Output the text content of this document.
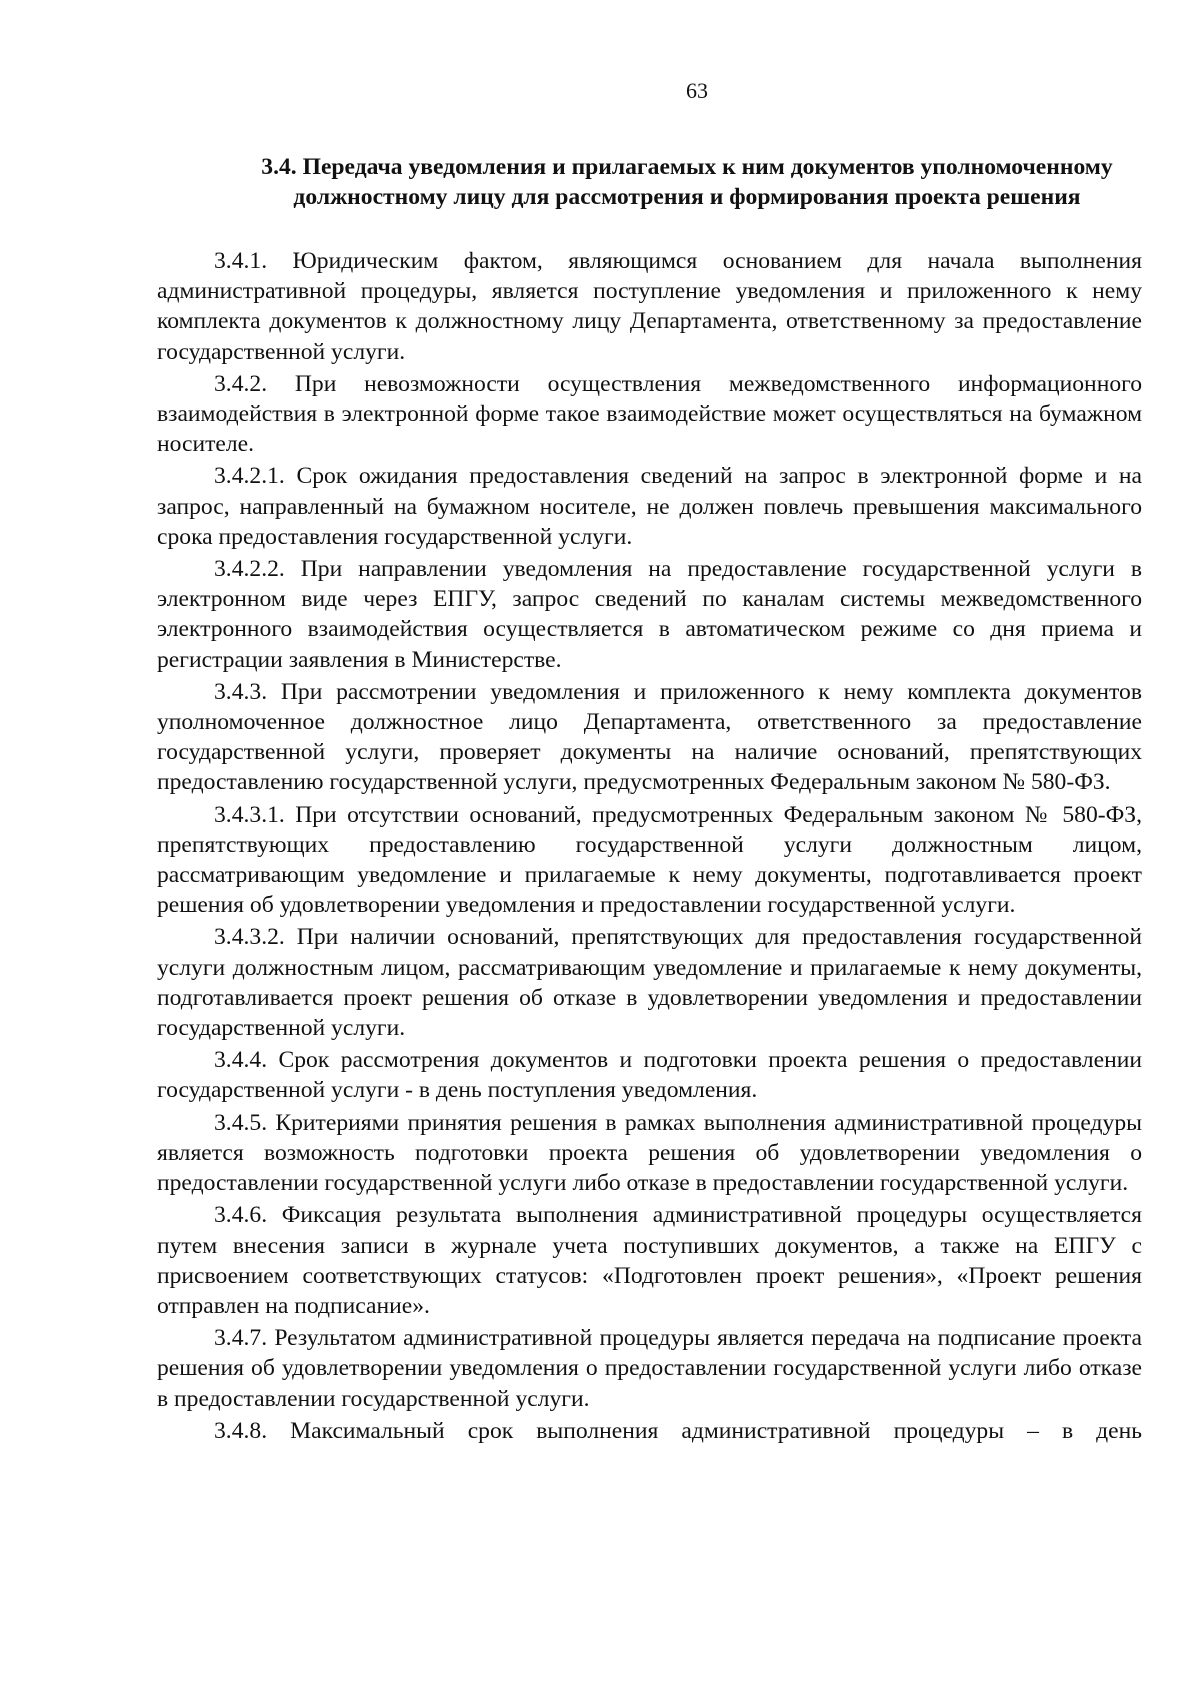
63
3.4. Передача уведомления и прилагаемых к ним документов уполномоченному
должностному лицу для рассмотрения и формирования проекта решения

3.4.1. Юридическим фактом, являющимся основанием для начала выполнения административной процедуры, является поступление уведомления и приложенного к нему комплекта документов к должностному лицу Департамента, ответственному за предоставление государственной услуги.

3.4.2. При невозможности осуществления межведомственного информационного взаимодействия в электронной форме такое взаимодействие может осуществляться на бумажном носителе.

3.4.2.1. Срок ожидания предоставления сведений на запрос в электронной форме и на запрос, направленный на бумажном носителе, не должен повлечь превышения максимального срока предоставления государственной услуги.

3.4.2.2. При направлении уведомления на предоставление государственной услуги в электронном виде через ЕПГУ, запрос сведений по каналам системы межведомственного электронного взаимодействия осуществляется в автоматическом режиме со дня приема и регистрации заявления в Министерстве.

3.4.3. При рассмотрении уведомления и приложенного к нему комплекта документов уполномоченное должностное лицо Департамента, ответственного за предоставление государственной услуги, проверяет документы на наличие оснований, препятствующих предоставлению государственной услуги, предусмотренных Федеральным законом № 580-ФЗ.

3.4.3.1. При отсутствии оснований, предусмотренных Федеральным законом № 580-ФЗ, препятствующих предоставлению государственной услуги должностным лицом, рассматривающим уведомление и прилагаемые к нему документы, подготавливается проект решения об удовлетворении уведомления и предоставлении государственной услуги.

3.4.3.2. При наличии оснований, препятствующих для предоставления государственной услуги должностным лицом, рассматривающим уведомление и прилагаемые к нему документы, подготавливается проект решения об отказе в удовлетворении уведомления и предоставлении государственной услуги.

3.4.4. Срок рассмотрения документов и подготовки проекта решения о предоставлении государственной услуги - в день поступления уведомления.

3.4.5. Критериями принятия решения в рамках выполнения административной процедуры является возможность подготовки проекта решения об удовлетворении уведомления о предоставлении государственной услуги либо отказе в предоставлении государственной услуги.

3.4.6. Фиксация результата выполнения административной процедуры осуществляется путем внесения записи в журнале учета поступивших документов, а также на ЕПГУ с присвоением соответствующих статусов: «Подготовлен проект решения», «Проект решения отправлен на подписание».

3.4.7. Результатом административной процедуры является передача на подписание проекта решения об удовлетворении уведомления о предоставлении государственной услуги либо отказе в предоставлении государственной услуги.

3.4.8. Максимальный срок выполнения административной процедуры – в день
